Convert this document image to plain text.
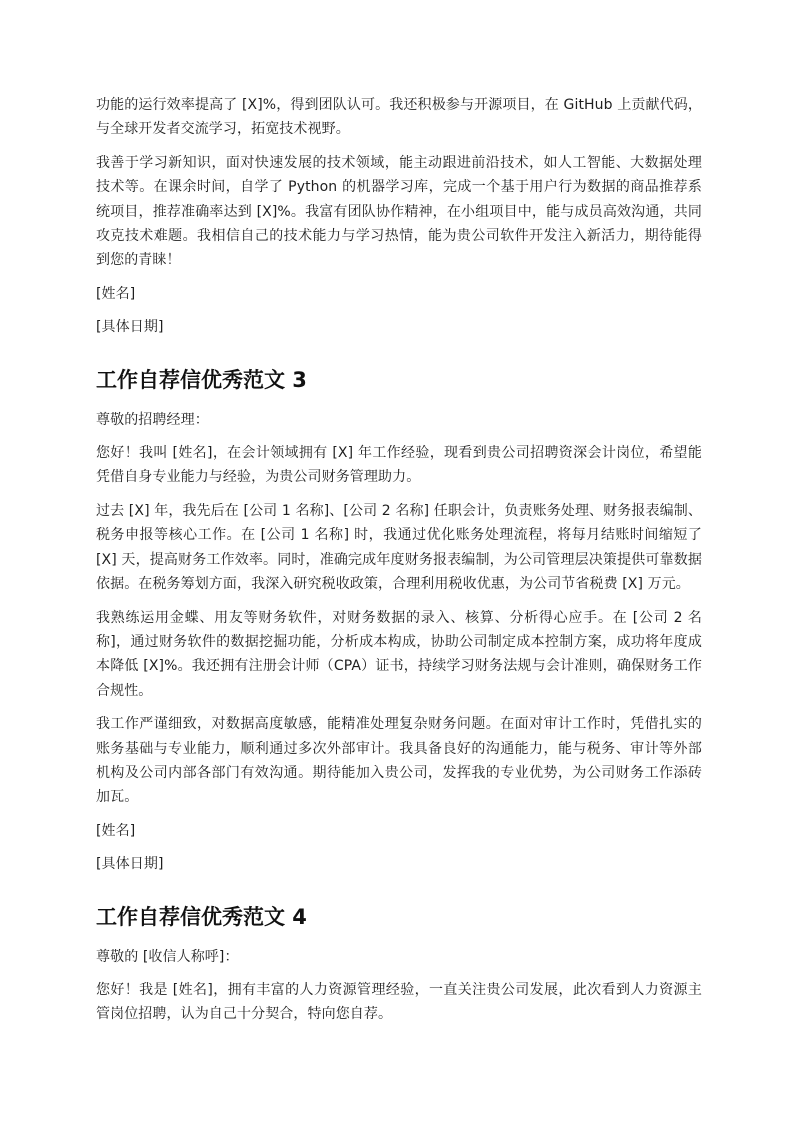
功能的运行效率提高了 [X]%，得到团队认可。我还积极参与开源项目，在 GitHub 上贡献代码，与全球开发者交流学习，拓宽技术视野。

我善于学习新知识，面对快速发展的技术领域，能主动跟进前沿技术，如人工智能、大数据处理技术等。在课余时间，自学了 Python 的机器学习库，完成一个基于用户行为数据的商品推荐系统项目，推荐准确率达到 [X]%。我富有团队协作精神，在小组项目中，能与成员高效沟通，共同攻克技术难题。我相信自己的技术能力与学习热情，能为贵公司软件开发注入新活力，期待能得到您的青睐！

[姓名]

[具体日期]

工作自荐信优秀范文 3

尊敬的招聘经理：

您好！我叫 [姓名]，在会计领域拥有 [X] 年工作经验，现看到贵公司招聘资深会计岗位，希望能凭借自身专业能力与经验，为贵公司财务管理助力。

过去 [X] 年，我先后在 [公司 1 名称]、[公司 2 名称] 任职会计，负责账务处理、财务报表编制、税务申报等核心工作。在 [公司 1 名称] 时，我通过优化账务处理流程，将每月结账时间缩短了 [X] 天，提高财务工作效率。同时，准确完成年度财务报表编制，为公司管理层决策提供可靠数据依据。在税务筹划方面，我深入研究税收政策，合理利用税收优惠，为公司节省税费 [X] 万元。

我熟练运用金蝶、用友等财务软件，对财务数据的录入、核算、分析得心应手。在 [公司 2 名称]，通过财务软件的数据挖掘功能，分析成本构成，协助公司制定成本控制方案，成功将年度成本降低 [X]%。我还拥有注册会计师（CPA）证书，持续学习财务法规与会计准则，确保财务工作合规性。

我工作严谨细致，对数据高度敏感，能精准处理复杂财务问题。在面对审计工作时，凭借扎实的账务基础与专业能力，顺利通过多次外部审计。我具备良好的沟通能力，能与税务、审计等外部机构及公司内部各部门有效沟通。期待能加入贵公司，发挥我的专业优势，为公司财务工作添砖加瓦。

[姓名]

[具体日期]

工作自荐信优秀范文 4

尊敬的 [收信人称呼]：

您好！我是 [姓名]，拥有丰富的人力资源管理经验，一直关注贵公司发展，此次看到人力资源主管岗位招聘，认为自己十分契合，特向您自荐。
